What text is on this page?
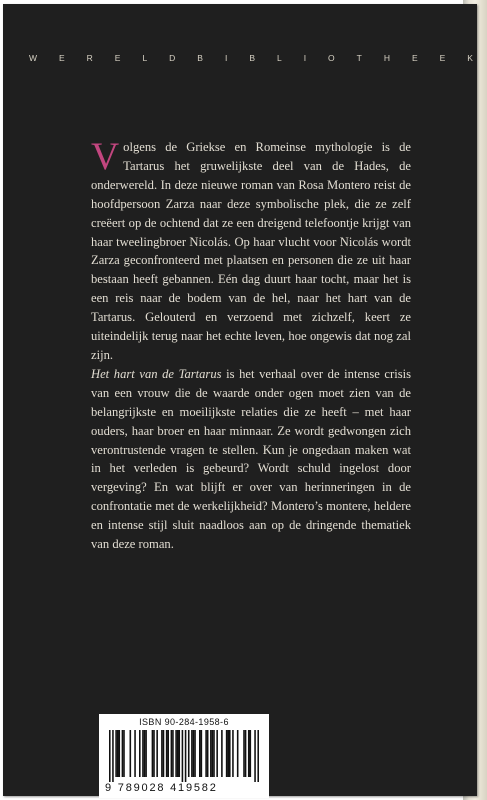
W	E	R	E	L	D	B	I	B	L	I	O	T	H	E	E	K

Volgens de Griekse en Romeinse mythologie is de Tartarus het gruwelijkste deel van de Hades, de onderwereld. In deze nieuwe roman van Rosa Montero reist de hoofdpersoon Zarza naar deze symbolische plek, die ze zelf creëert op de ochtend dat ze een dreigend telefoontje krijgt van haar tweelingbroer Nicolás. Op haar vlucht voor Nicolás wordt Zarza geconfronteerd met plaatsen en personen die ze uit haar bestaan heeft gebannen. Eén dag duurt haar tocht, maar het is een reis naar de bodem van de hel, naar het hart van de Tartarus. Gelouterd en verzoend met zichzelf, keert ze uiteindelijk terug naar het echte leven, hoe ongewis dat nog zal zijn.

Het hart van de Tartarus is het verhaal over de intense crisis van een vrouw die de waarde onder ogen moet zien van de belangrijkste en moeilijkste relaties die ze heeft – met haar ouders, haar broer en haar minnaar. Ze wordt gedwongen zich verontrustende vragen te stellen. Kun je ongedaan maken wat in het verleden is gebeurd? Wordt schuld ingelost door vergeving? En wat blijft er over van herinneringen in de confrontatie met de werkelijkheid? Montero’s montere, heldere en intense stijl sluit naadloos aan op de dringende thematiek van deze roman.

ISBN 90-284-1958-6
9 789028 419582
